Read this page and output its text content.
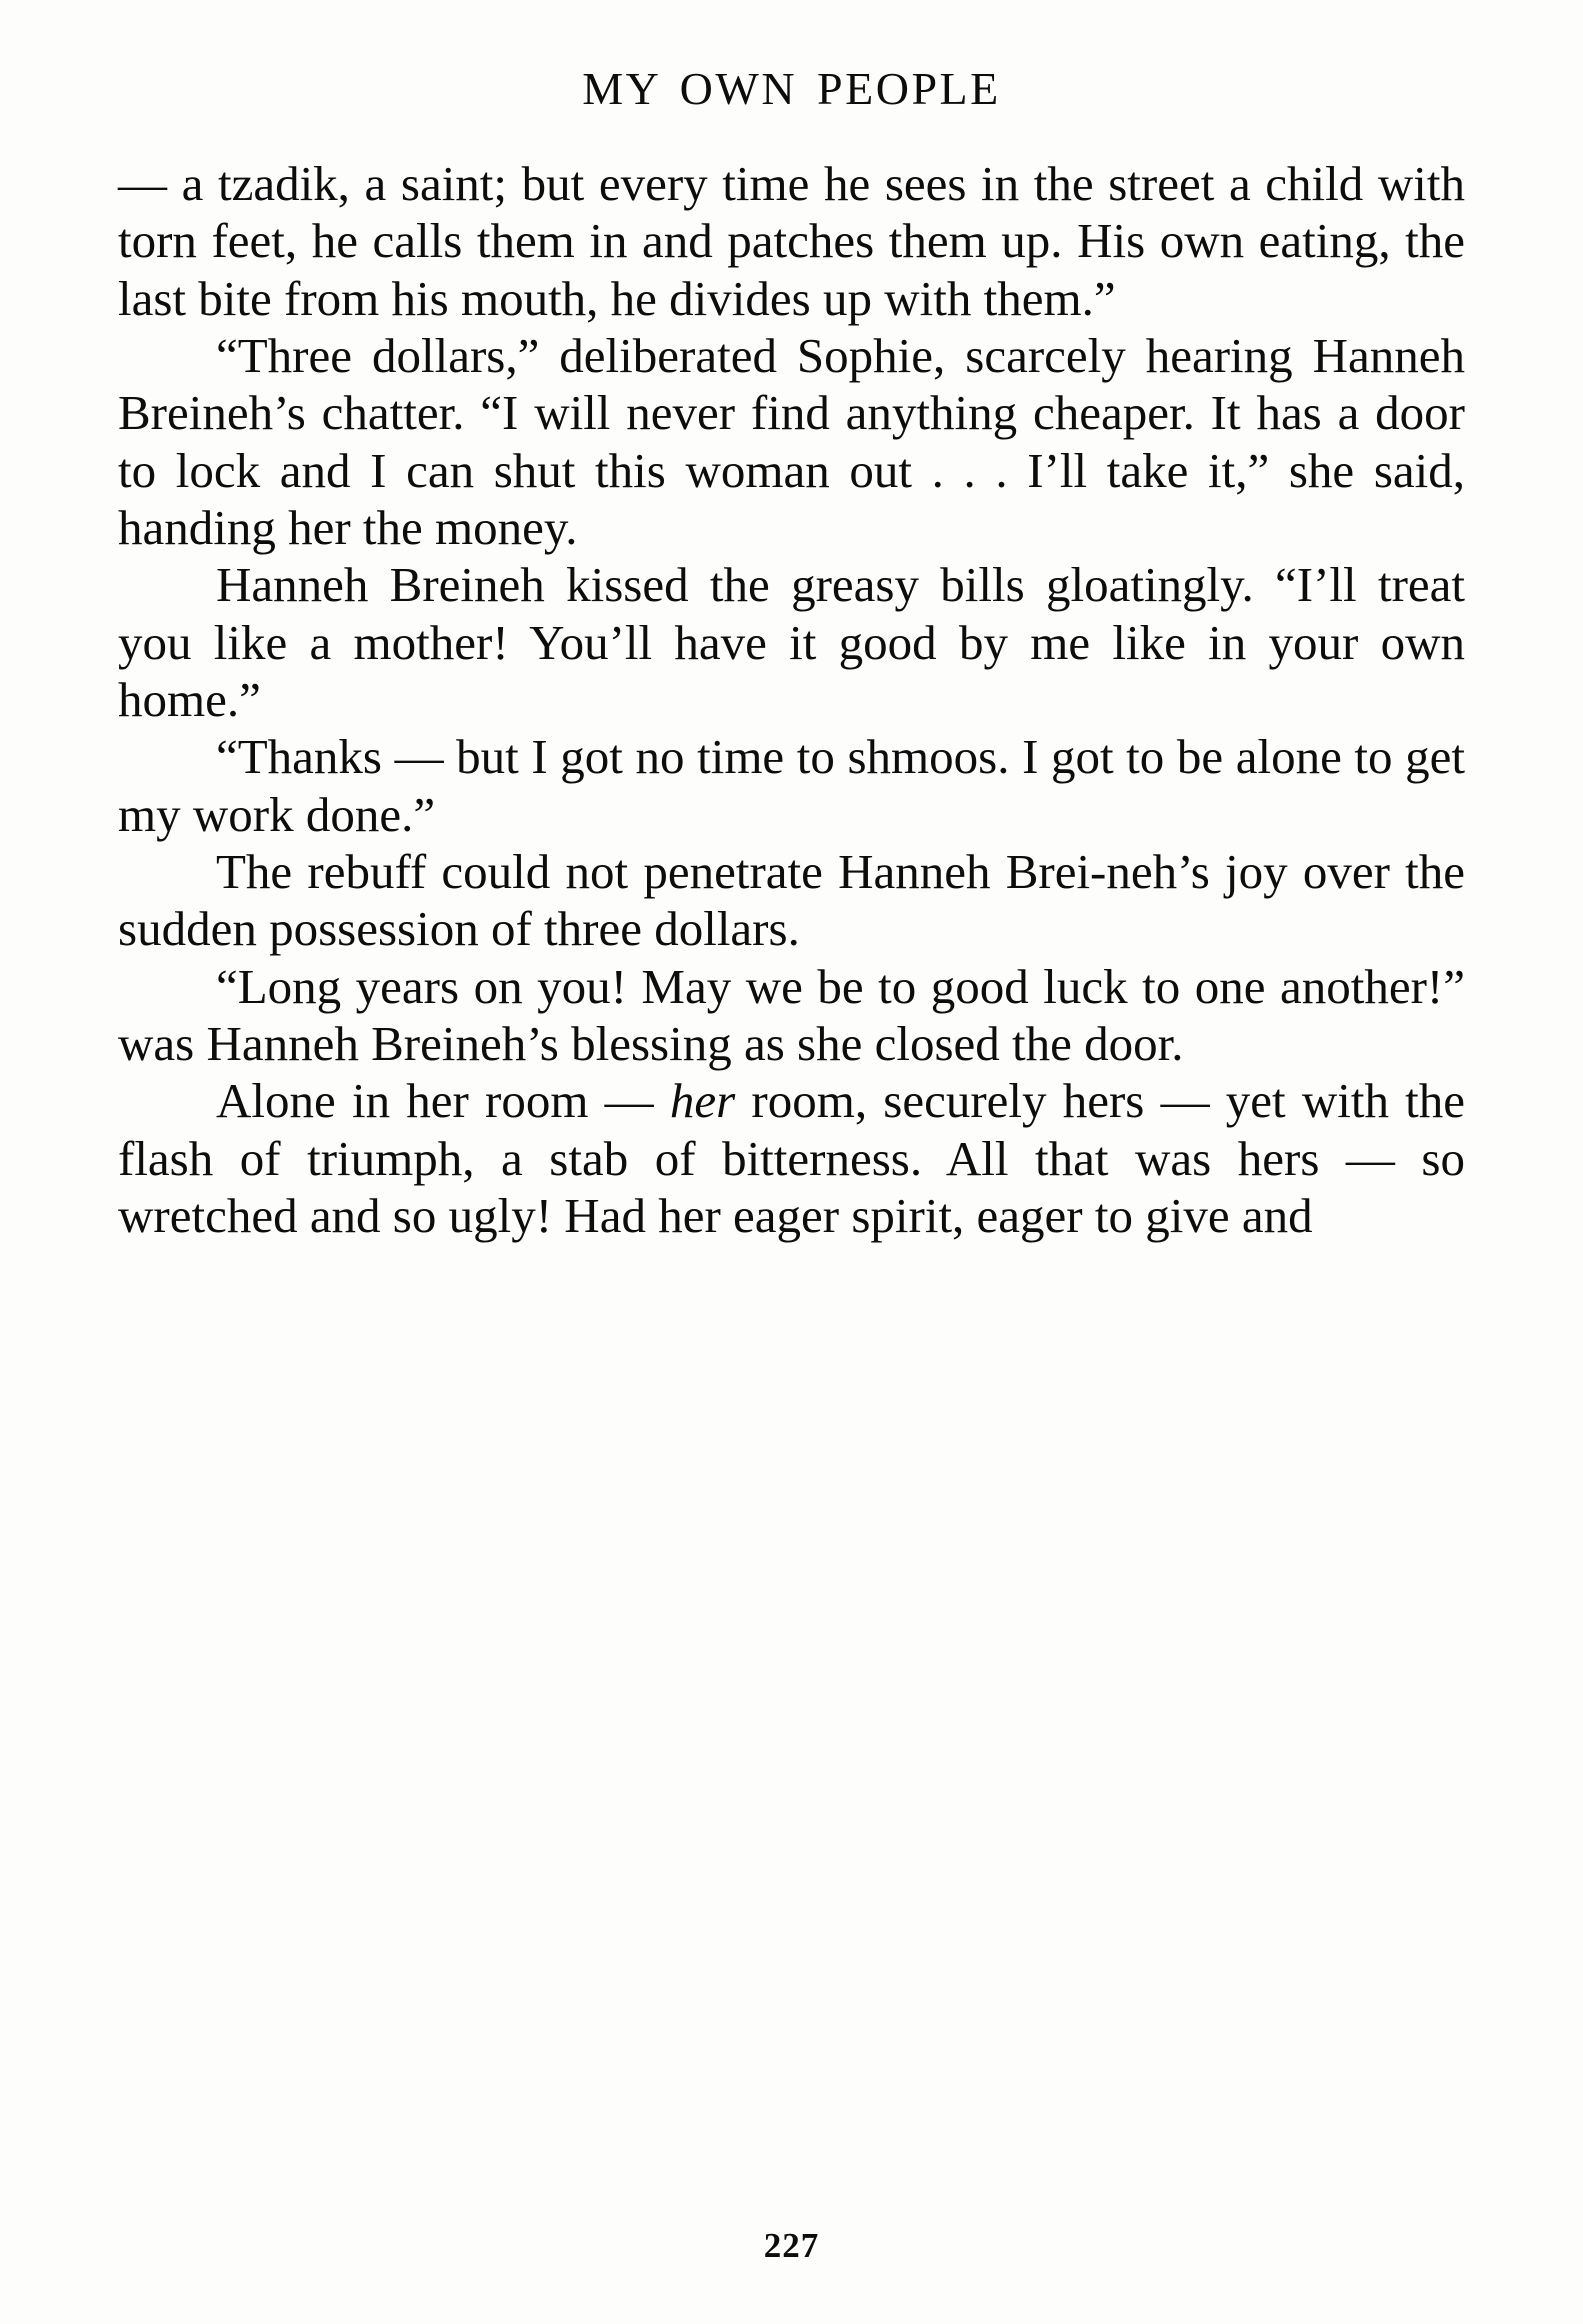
MY OWN PEOPLE

— a tzadik, a saint; but every time he sees in the street a child with torn feet, he calls them in and patches them up. His own eating, the last bite from his mouth, he divides up with them.”

“Three dollars,” deliberated Sophie, scarcely hearing Hanneh Breineh’s chatter. “I will never find anything cheaper. It has a door to lock and I can shut this woman out . . . I’ll take it,” she said, handing her the money.

Hanneh Breineh kissed the greasy bills gloatingly. “I’ll treat you like a mother! You’ll have it good by me like in your own home.”

“Thanks — but I got no time to shmoos. I got to be alone to get my work done.”

The rebuff could not penetrate Hanneh Brei-neh’s joy over the sudden possession of three dollars.

“Long years on you! May we be to good luck to one another!” was Hanneh Breineh’s blessing as she closed the door.

Alone in her room — her room, securely hers — yet with the flash of triumph, a stab of bitterness. All that was hers — so wretched and so ugly! Had her eager spirit, eager to give and

227
